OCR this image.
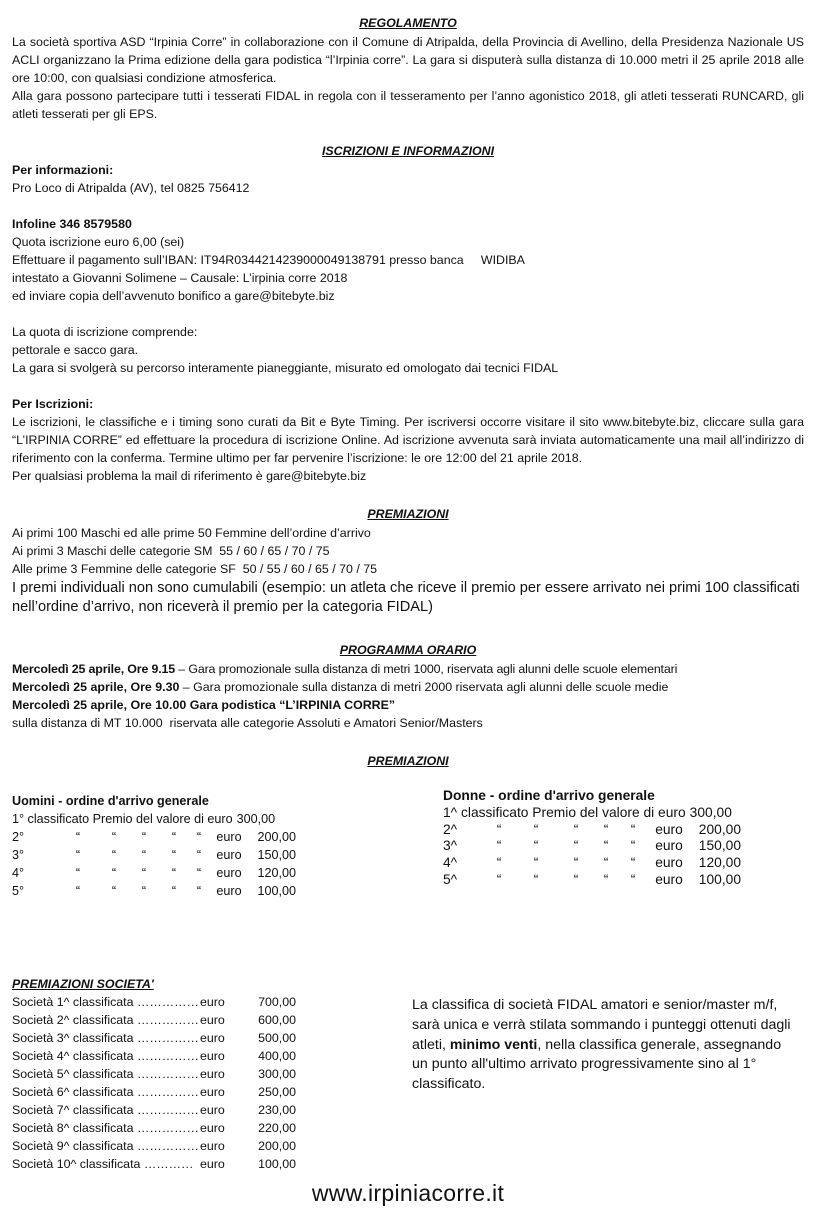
REGOLAMENTO
La società sportiva ASD “Irpinia Corre” in collaborazione con il Comune di Atripalda, della Provincia di Avellino, della Presidenza Nazionale US ACLI organizzano la Prima edizione della gara podistica “l’Irpinia corre”. La gara si disputerà sulla distanza di 10.000 metri il 25 aprile 2018 alle ore 10:00, con qualsiasi condizione atmosferica.
Alla gara possono partecipare tutti i tesserati FIDAL in regola con il tesseramento per l’anno agonistico 2018, gli atleti tesserati RUNCARD, gli atleti tesserati per gli EPS.
ISCRIZIONI E INFORMAZIONI
Per informazioni:
Pro Loco di Atripalda (AV), tel 0825 756412
Infoline 346 8579580
Quota iscrizione euro 6,00 (sei)
Effettuare il pagamento sull’IBAN: IT94R0344214239000049138791 presso banca     WIDIBA
intestato a Giovanni Solimene – Causale: L’irpinia corre 2018
ed inviare copia dell’avvenuto bonifico a gare@bitebyte.biz
La quota di iscrizione comprende:
pettorale e sacco gara.
La gara si svolgerà su percorso interamente pianeggiante, misurato ed omologato dai tecnici FIDAL
Per Iscrizioni:
Le iscrizioni, le classifiche e i timing sono curati da Bit e Byte Timing. Per iscriversi occorre visitare il sito www.bitebyte.biz, cliccare sulla gara “L’IRPINIA CORRE” ed effettuare la procedura di iscrizione Online. Ad iscrizione avvenuta sarà inviata automaticamente una mail all’indirizzo di riferimento con la conferma. Termine ultimo per far pervenire l’iscrizione: le ore 12:00 del 21 aprile 2018.
Per qualsiasi problema la mail di riferimento è gare@bitebyte.biz
PREMIAZIONI
Ai primi 100 Maschi ed alle prime 50 Femmine dell’ordine d’arrivo
Ai primi 3 Maschi delle categorie SM  55 / 60 / 65 / 70 / 75
Alle prime 3 Femmine delle categorie SF  50 / 55 / 60 / 65 / 70 / 75
I premi individuali non sono cumulabili (esempio: un atleta che riceve il premio per essere arrivato nei primi 100 classificati nell’ordine d’arrivo, non riceverà il premio per la categoria FIDAL)
PROGRAMMA ORARIO
Mercoledì 25 aprile, Ore 9.15 – Gara promozionale sulla distanza di metri 1000, riservata agli alunni delle scuole elementari
Mercoledì 25 aprile, Ore 9.30 – Gara promozionale sulla distanza di metri 2000 riservata agli alunni delle scuole medie
Mercoledì 25 aprile, Ore 10.00 Gara podistica “L’IRPINIA CORRE”
sulla distanza di MT 10.000  riservata alle categorie Assoluti e Amatori Senior/Masters
PREMIAZIONI
Uomini - ordine d'arrivo generale
1° classificato Premio del valore di euro 300,00
2°	“	“	“	“	“	euro	200,00
3°	“	“	“	“	“	euro	150,00
4°	“	“	“	“	“	euro	120,00
5°	“	“	“	“	“	euro	100,00
Donne - ordine d'arrivo generale
1^ classificato Premio del valore di euro 300,00
2^	“	“	“	“	“	euro	200,00
3^	“	“	“	“	“	euro	150,00
4^	“	“	“	“	“	euro	120,00
5^	“	“	“	“	“	euro	100,00
PREMIAZIONI SOCIETA'
Società 1^ classificata ……………	euro	700,00
Società 2^ classificata ……………	euro	600,00
Società 3^ classificata ……………	euro	500,00
Società 4^ classificata ……………	euro	400,00
Società 5^ classificata ……………	euro	300,00
Società 6^ classificata ……………	euro	250,00
Società 7^ classificata ……………	euro	230,00
Società 8^ classificata ……………	euro	220,00
Società 9^ classificata ……………	euro	200,00
Società 10^ classificata …………	euro	100,00
La classifica di società FIDAL amatori e senior/master m/f, sarà unica e verrà stilata sommando i punteggi ottenuti dagli atleti, minimo venti, nella classifica generale, assegnando un punto all'ultimo arrivato progressivamente sino al 1° classificato.
www.irpiniacorre.it
